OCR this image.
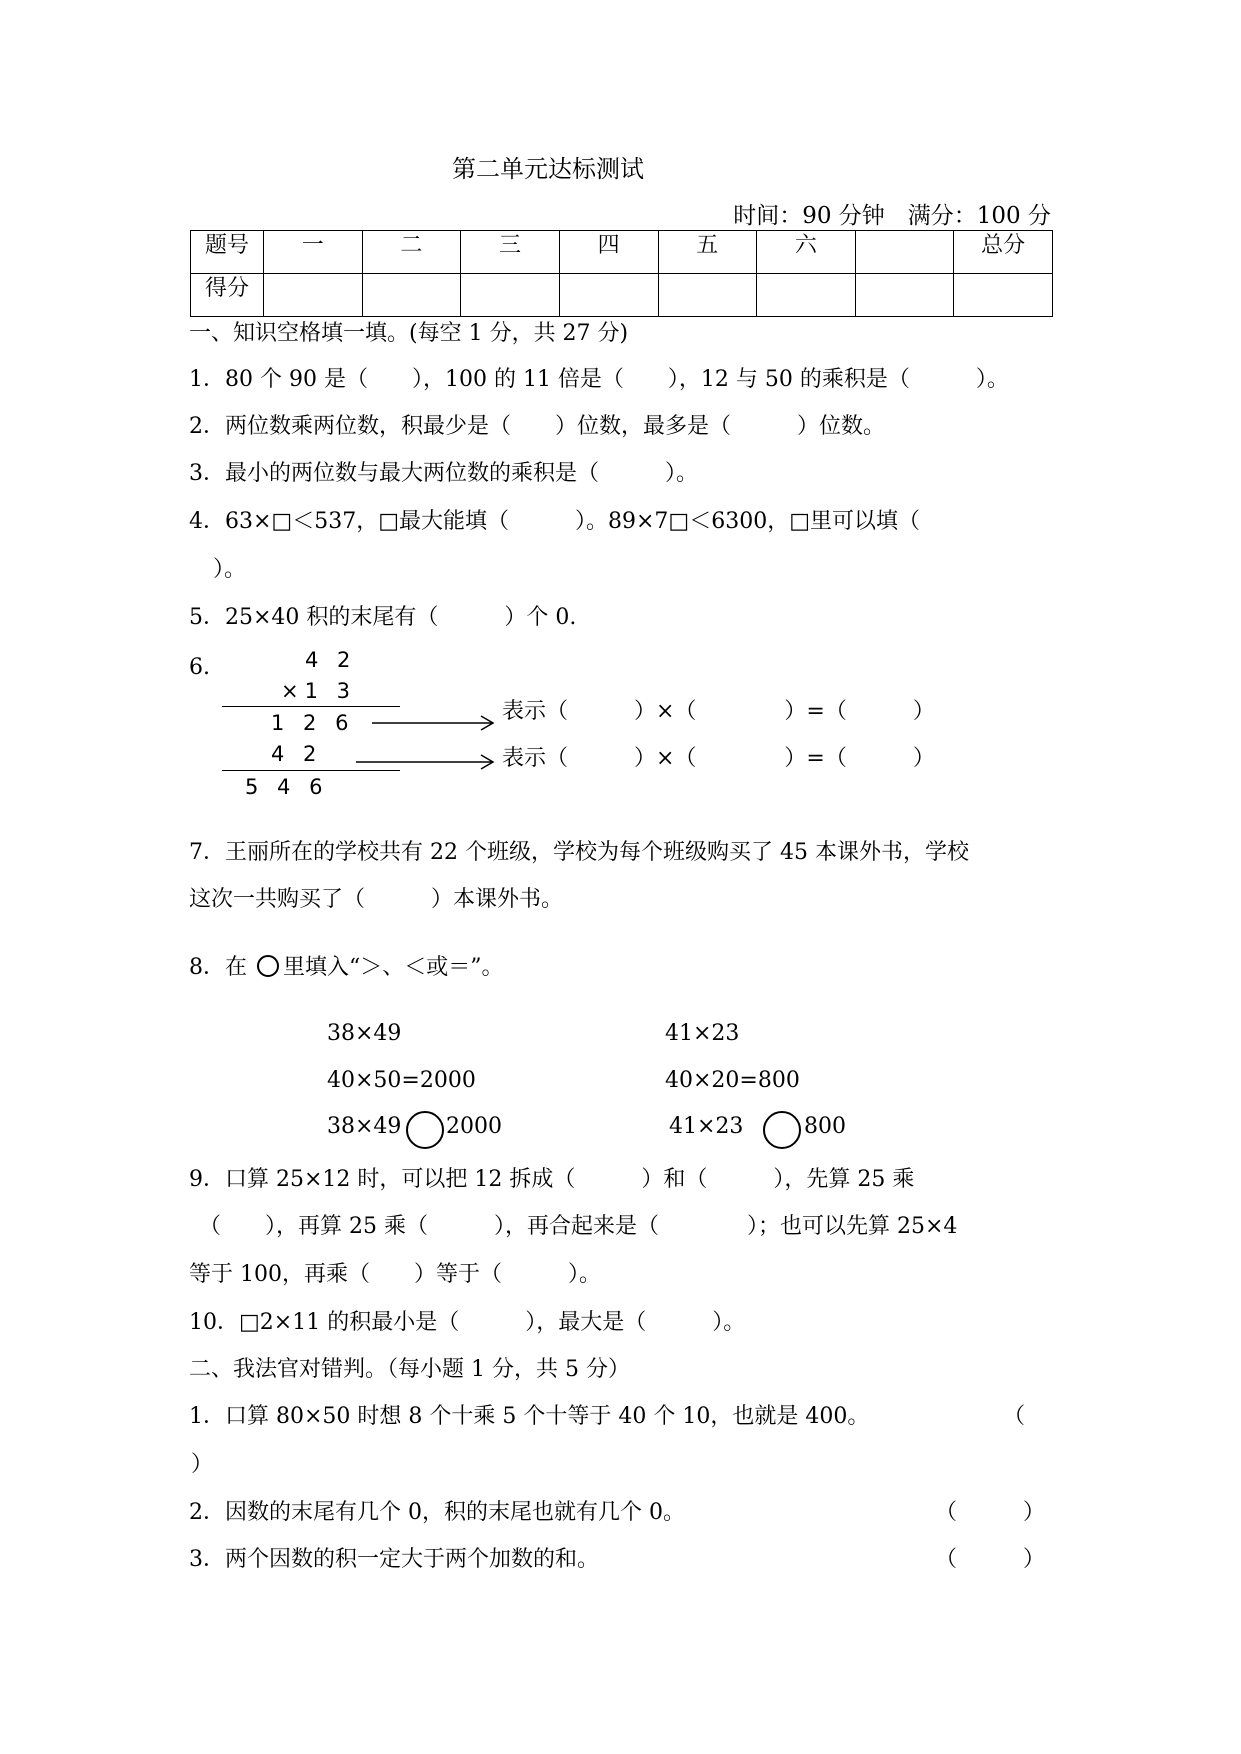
第二单元达标测试
时间：90 分钟　满分：100 分
题号	一	二	三	四	五	六		总分
得分								
一、知识空格填一填。(每空 1 分，共 27 分)
1．80 个 90 是（　　），100 的 11 倍是（　　），12 与 50 的乘积是（　　　）。
2．两位数乘两位数，积最少是（　　）位数，最多是（　　　）位数。
3．最小的两位数与最大两位数的乘积是（　　　）。
4．63×□＜537，□最大能填（　　　）。89×7□＜6300，□里可以填（
）。
5．25×40 积的末尾有（　　　）个 0.
6.	4 2
×1 3
1 2 6
4 2
5 4 6
表示（　　　）×（　　　　）=（　　　）
表示（　　　）×（　　　　）=（　　　）
7．王丽所在的学校共有 22 个班级，学校为每个班级购买了 45 本课外书，学校
这次一共购买了（　　　）本课外书。
8．在 里填入“＞、＜或＝”。
38×49	41×23
40×50=2000	40×20=800
38×49 2000	41×23	800
9．口算 25×12 时，可以把 12 拆成（　　　）和（　　　），先算 25 乘
（　　），再算 25 乘（　　　），再合起来是（　　　　）；也可以先算 25×4
等于 100，再乘（　　）等于（　　　）。
10．□2×11 的积最小是（　　　），最大是（　　　）。
二、我法官对错判。（每小题 1 分，共 5 分）
1．口算 80×50 时想 8 个十乘 5 个十等于 40 个 10，也就是 400。	（
）
2．因数的末尾有几个 0，积的末尾也就有几个 0。	（　　　）
3．两个因数的积一定大于两个加数的和。	（　　　）
